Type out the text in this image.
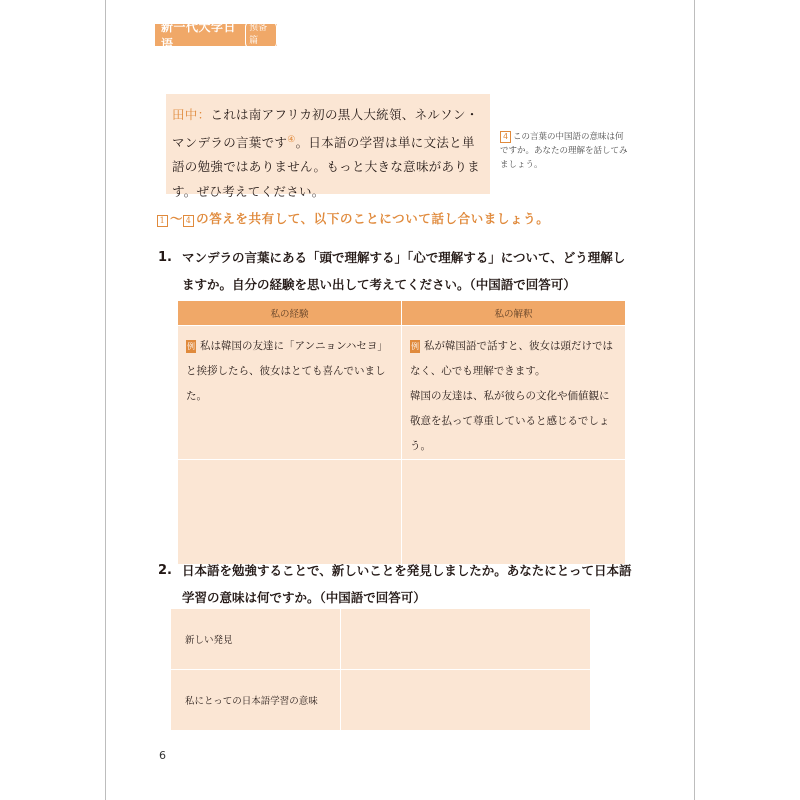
新一代大学日语
预备篇
田中：これは南アフリカ初の黒人大統領、ネルソン・マンデラの言葉です④。日本語の学習は単に文法と単語の勉強ではありません。もっと大きな意味があります。ぜひ考えてください。
4 この言葉の中国語の意味は何ですか。あなたの理解を話してみましょう。
1 〜 4 の答えを共有して、以下のことについて話し合いましょう。
1. マンデラの言葉にある「頭で理解する」「心で理解する」について、どう理解しますか。自分の経験を思い出して考えてください。（中国語で回答可）
私の経験	私の解釈
例 私は韓国の友達に「アンニョンハセヨ」と挨拶したら、彼女はとても喜んでいました。	例 私が韓国語で話すと、彼女は頭だけではなく、心でも理解できます。
韓国の友達は、私が彼らの文化や価値観に敬意を払って尊重していると感じるでしょう。

2. 日本語を勉強することで、新しいことを発見しましたか。あなたにとって日本語学習の意味は何ですか。（中国語で回答可）
新しい発見	
私にとっての日本語学習の意味	
6
